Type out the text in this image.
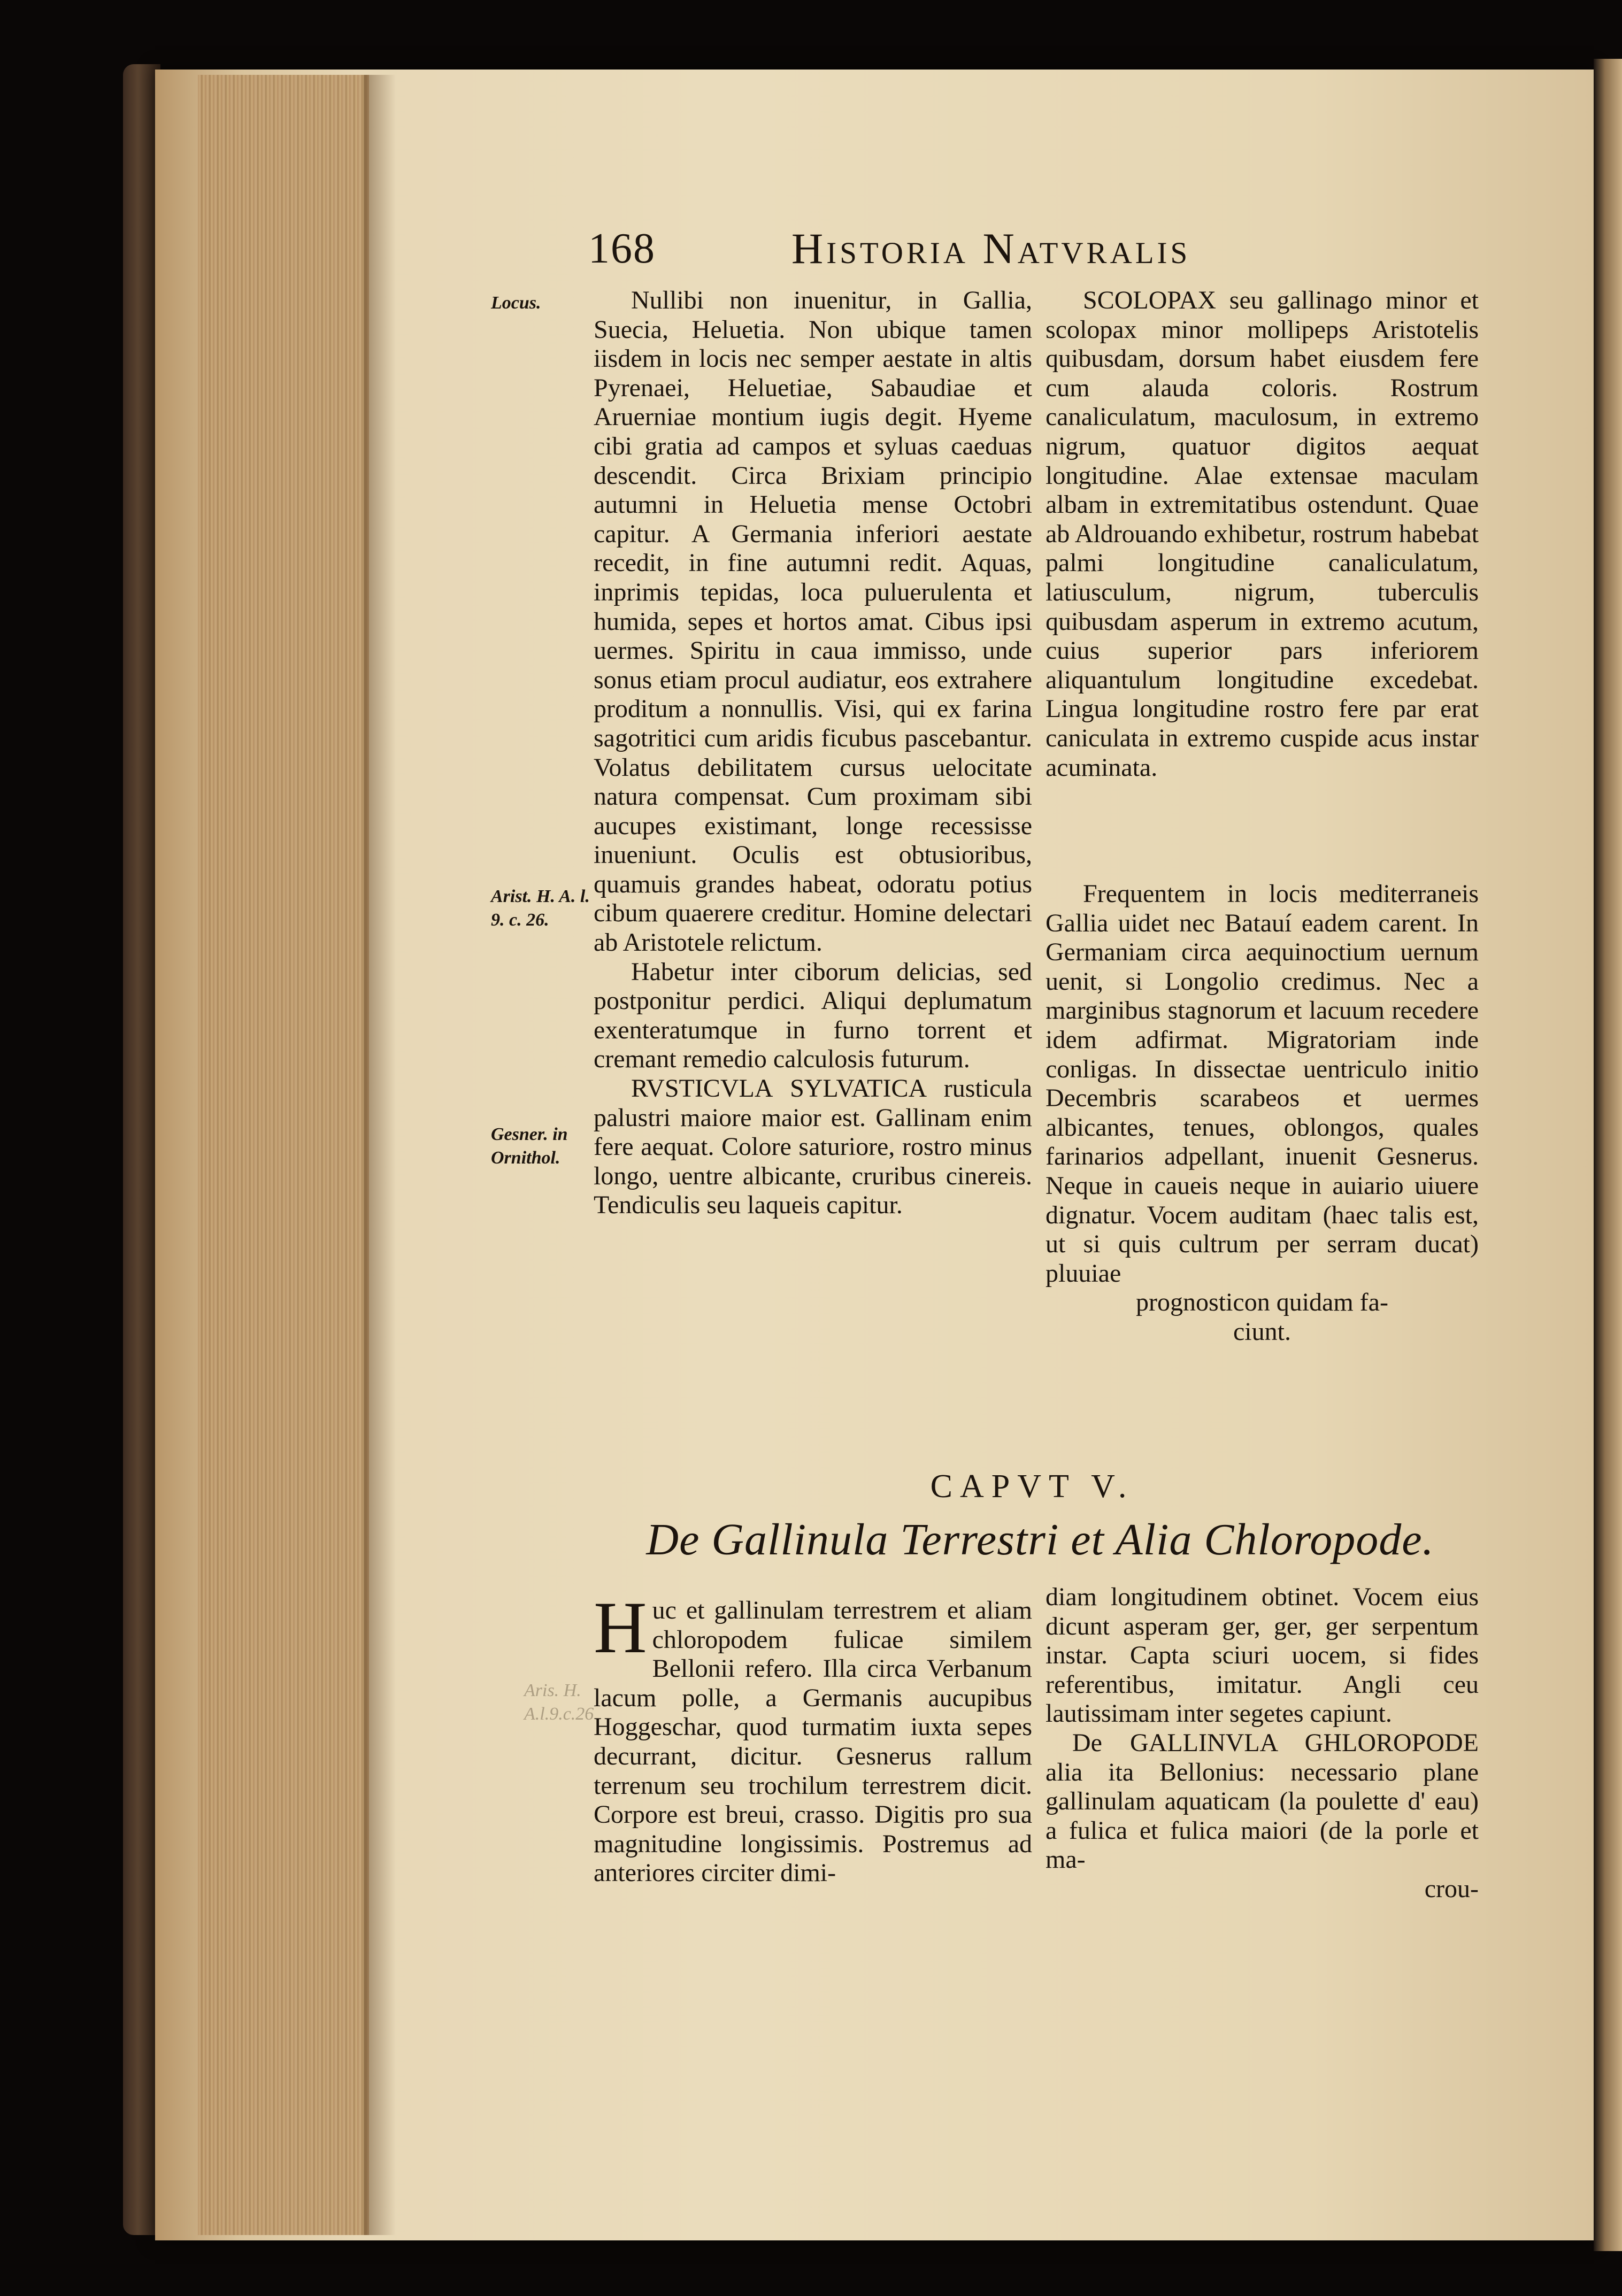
168	Historia Natvralis

Locus.

Arist. H. A. l. 9. c. 26.

Gesner. in Ornithol.

Aris. H. A.l.9.c.26

Nullibi non inuenitur, in Gallia, Suecia, Heluetia. Non ubique tamen iisdem in locis nec semper aestate in altis Pyrenaei, Heluetiae, Sabaudiae et Aruerniae montium iugis degit. Hyeme cibi gratia ad campos et syluas caeduas descendit. Circa Brixiam principio autumni in Heluetia mense Octobri capitur. A Germania inferiori aestate recedit, in fine autumni redit. Aquas, inprimis tepidas, loca puluerulenta et humida, sepes et hortos amat. Cibus ipsi uermes. Spiritu in caua immisso, unde sonus etiam procul audiatur, eos extrahere proditum a nonnullis. Visi, qui ex farina sagotritici cum aridis ficubus pascebantur. Volatus debilitatem cursus uelocitate natura compensat. Cum proximam sibi aucupes existimant, longe recessisse inueniunt. Oculis est obtusioribus, quamuis grandes habeat, odoratu potius cibum quaerere creditur. Homine delectari ab Aristotele relictum.

Habetur inter ciborum delicias, sed postponitur perdici. Aliqui deplumatum exenteratumque in furno torrent et cremant remedio calculosis futurum.

RVSTICVLA SYLVATICA rusticula palustri maiore maior est. Gallinam enim fere aequat. Colore saturiore, rostro minus longo, uentre albicante, cruribus cinereis. Tendiculis seu laqueis capitur.

SCOLOPAX seu gallinago minor et scolopax minor mollipeps Aristotelis quibusdam, dorsum habet eiusdem fere cum alauda coloris. Rostrum canaliculatum, maculosum, in extremo nigrum, quatuor digitos aequat longitudine. Alae extensae maculam albam in extremitatibus ostendunt. Quae ab Aldrouando exhibetur, rostrum habebat palmi longitudine canaliculatum, latiusculum, nigrum, tuberculis quibusdam asperum in extremo acutum, cuius superior pars inferiorem aliquantulum longitudine excedebat. Lingua longitudine rostro fere par erat caniculata in extremo cuspide acus instar acuminata.

Frequentem in locis mediterraneis Gallia uidet nec Batauí eadem carent. In Germaniam circa aequinoctium uernum uenit, si Longolio credimus. Nec a marginibus stagnorum et lacuum recedere idem adfirmat. Migratoriam inde conligas. In dissectae uentriculo initio Decembris scarabeos et uermes albicantes, tenues, oblongos, quales farinarios adpellant, inuenit Gesnerus. Neque in caueis neque in auiario uiuere dignatur. Vocem auditam (haec talis est, ut si quis cultrum per serram ducat) pluuiae

prognosticon quidam fa-

ciunt.

CAPVT V.
De Gallinula Terrestri et Alia Chloropode.

Huc et gallinulam terrestrem et aliam chloropodem fulicae similem Bellonii refero. Illa circa Verbanum lacum polle, a Germanis aucupibus Hoggeschar, quod turmatim iuxta sepes decurrant, dicitur. Gesnerus rallum terrenum seu trochilum terrestrem dicit. Corpore est breui, crasso. Digitis pro sua magnitudine longissimis. Postremus ad anteriores circiter dimi-

diam longitudinem obtinet. Vocem eius dicunt asperam ger, ger, ger serpentum instar. Capta sciuri uocem, si fides referentibus, imitatur. Angli ceu lautissimam inter segetes capiunt.

De GALLINVLA GHLOROPODE alia ita Bellonius: necessario plane gallinulam aquaticam (la poulette d' eau) a fulica et fulica maiori (de la porle et ma-

crou-
